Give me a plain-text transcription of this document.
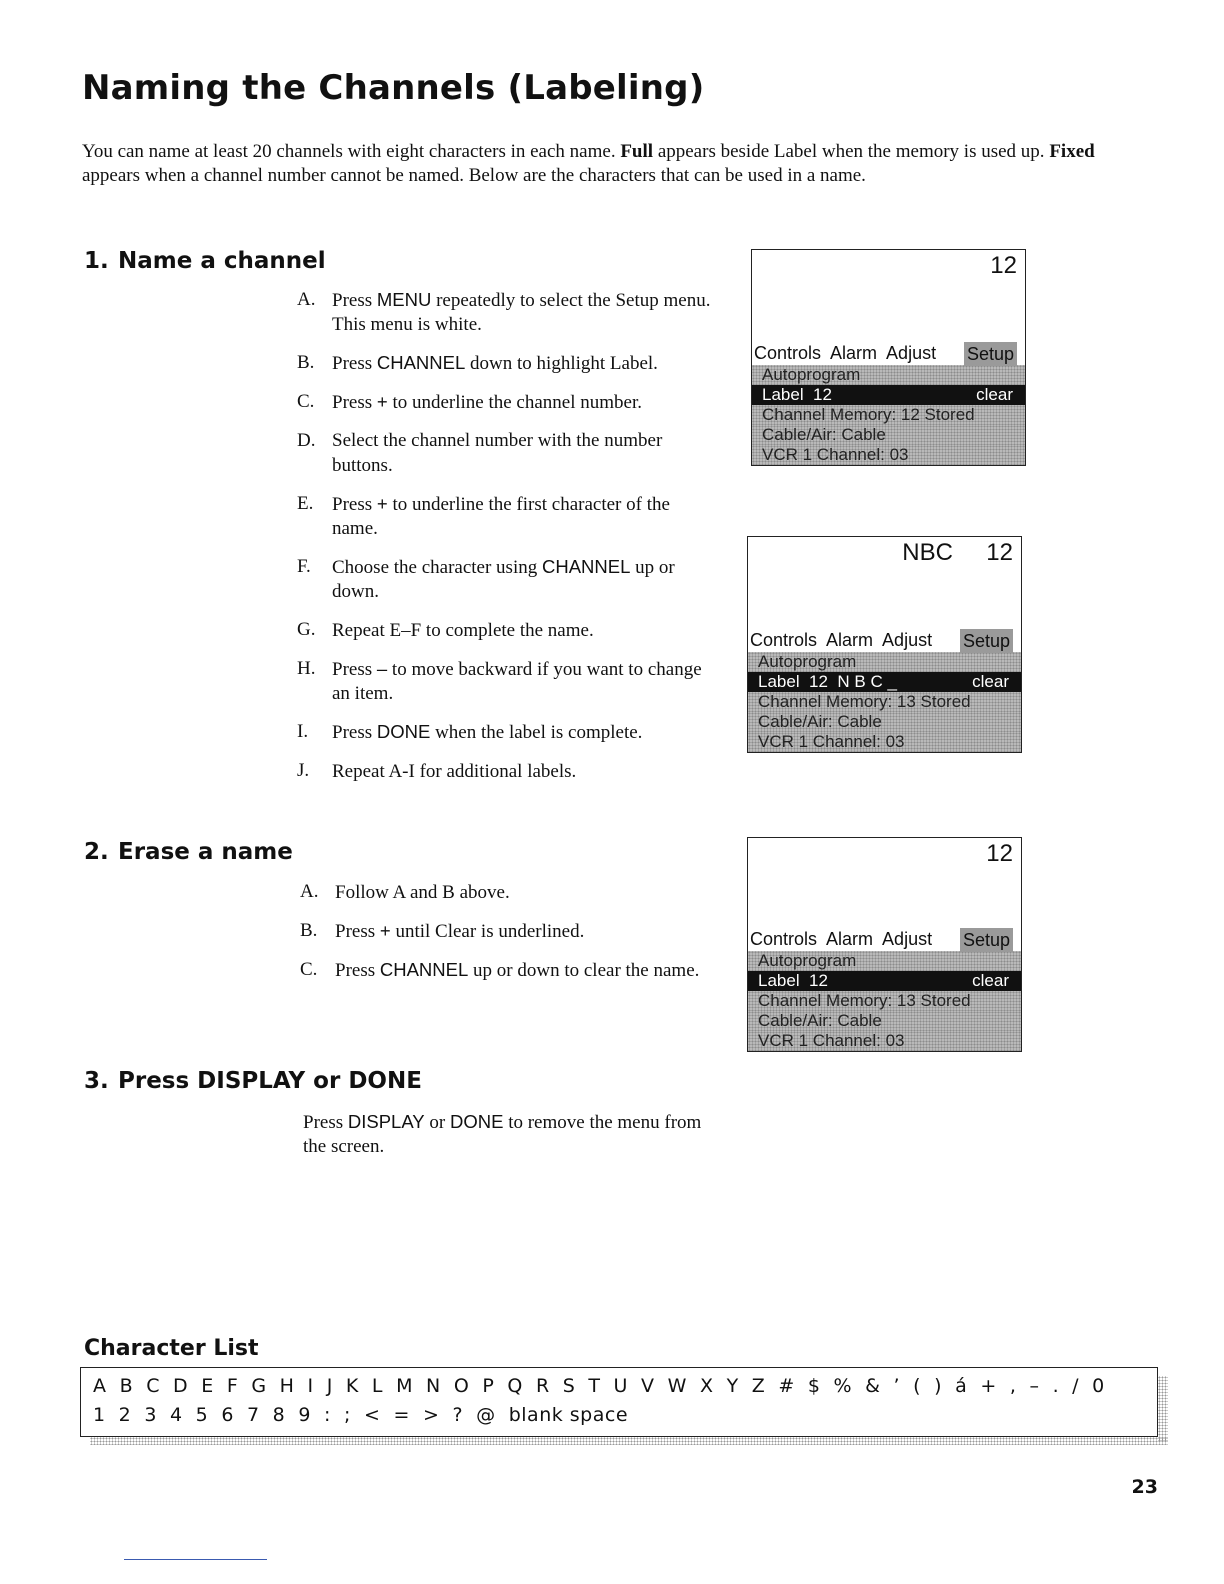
Naming the Channels (Labeling)
You can name at least 20 channels with eight characters in each name. Full appears beside Label when the memory is used up. Fixed appears when a channel number cannot be named. Below are the characters that can be used in a name.
1. Name a channel
A. Press MENU repeatedly to select the Setup menu. This menu is white.
B. Press CHANNEL down to highlight Label.
C. Press + to underline the channel number.
D. Select the channel number with the number buttons.
E. Press + to underline the first character of the name.
F. Choose the character using CHANNEL up or down.
G. Repeat E–F to complete the name.
H. Press – to move backward if you want to change an item.
I. Press DONE when the label is complete.
J. Repeat A-I for additional labels.
2. Erase a name
A. Follow A and B above.
B. Press + until Clear is underlined.
C. Press CHANNEL up or down to clear the name.
3. Press DISPLAY or DONE
Press DISPLAY or DONE to remove the menu from the screen.
12
Controls  Alarm  Adjust Setup
Autoprogram
Label  12	clear
Channel Memory: 12 Stored
Cable/Air: Cable
VCR 1 Channel: 03
NBC     12
Controls  Alarm  Adjust Setup
Autoprogram
Label  12  N B C _	clear
Channel Memory: 13 Stored
Cable/Air: Cable
VCR 1 Channel: 03
12
Controls  Alarm  Adjust Setup
Autoprogram
Label  12	clear
Channel Memory: 13 Stored
Cable/Air: Cable
VCR 1 Channel: 03
Character List
A  B  C  D  E  F  G  H  I  J  K  L  M  N  O  P  Q  R  S  T  U  V  W  X  Y  Z  #  $  %  &  ’  (  )  á  +  ,  –  .  /  0
1  2  3  4  5  6  7  8  9  :  ;  <  =  >  ?  @  blank space
23
